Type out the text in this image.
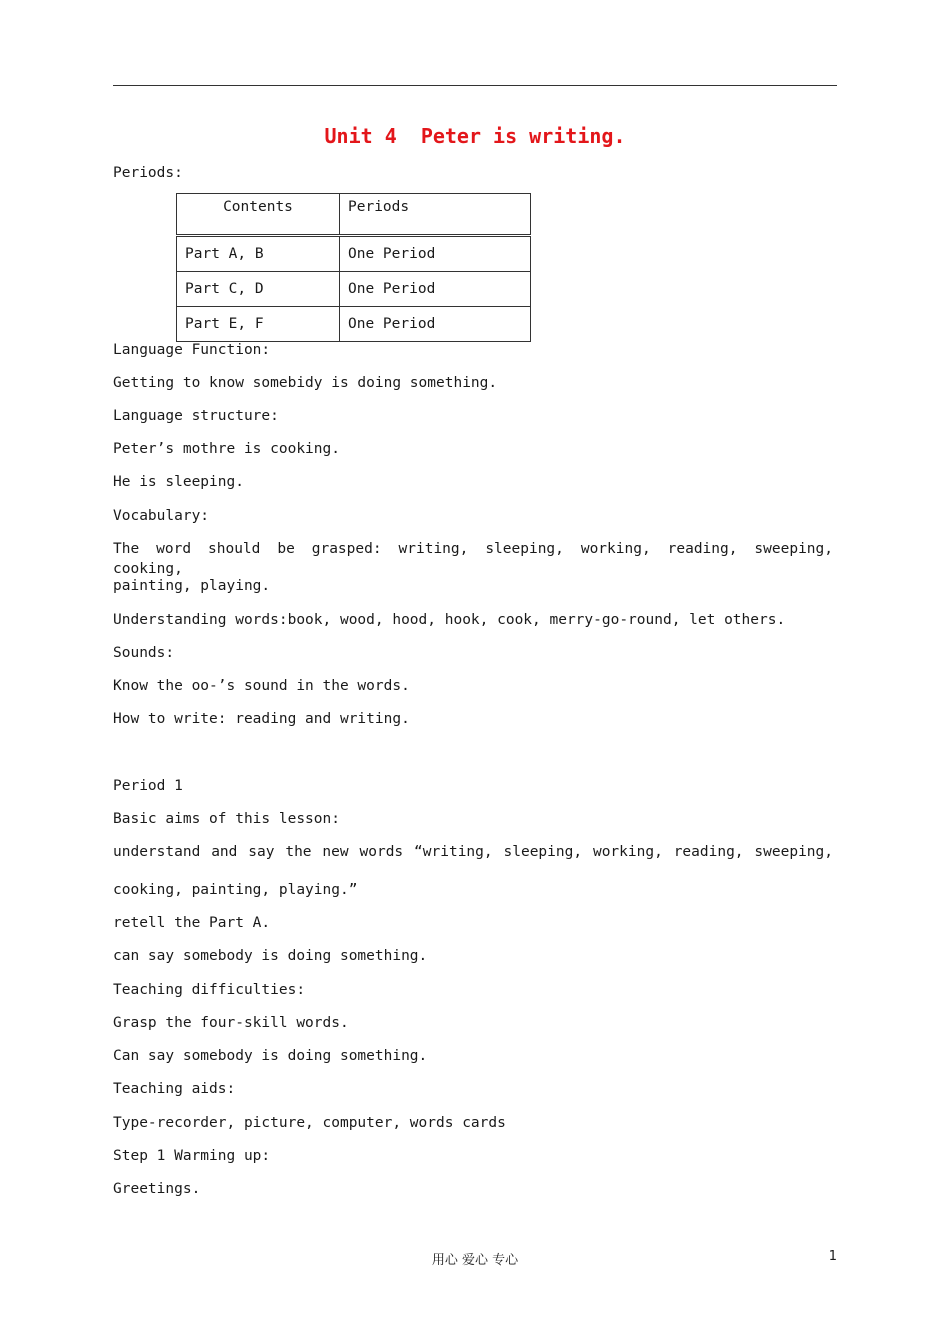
Unit 4  Peter is writing.
Periods:
Contents	Periods
Part A, B	One Period
Part C, D	One Period
Part E, F	One Period
Language Function:
Getting to know somebidy is doing something.
Language structure:
Peter’s mothre is cooking.
He is sleeping.
Vocabulary:
The word should be grasped: writing, sleeping, working, reading, sweeping, cooking,
painting, playing.
Understanding words:book, wood, hood, hook, cook, merry-go-round, let others.
Sounds:
Know the oo-’s sound in the words.
How to write: reading and writing.
Period 1
Basic aims of this lesson:
understand and say the new words “writing, sleeping, working, reading, sweeping,
cooking, painting, playing.”
retell the Part A.
can say somebody is doing something.
Teaching difficulties:
Grasp the four-skill words.
Can say somebody is doing something.
Teaching aids:
Type-recorder, picture, computer, words cards
Step 1 Warming up:
Greetings.
用心 爱心 专心	1
